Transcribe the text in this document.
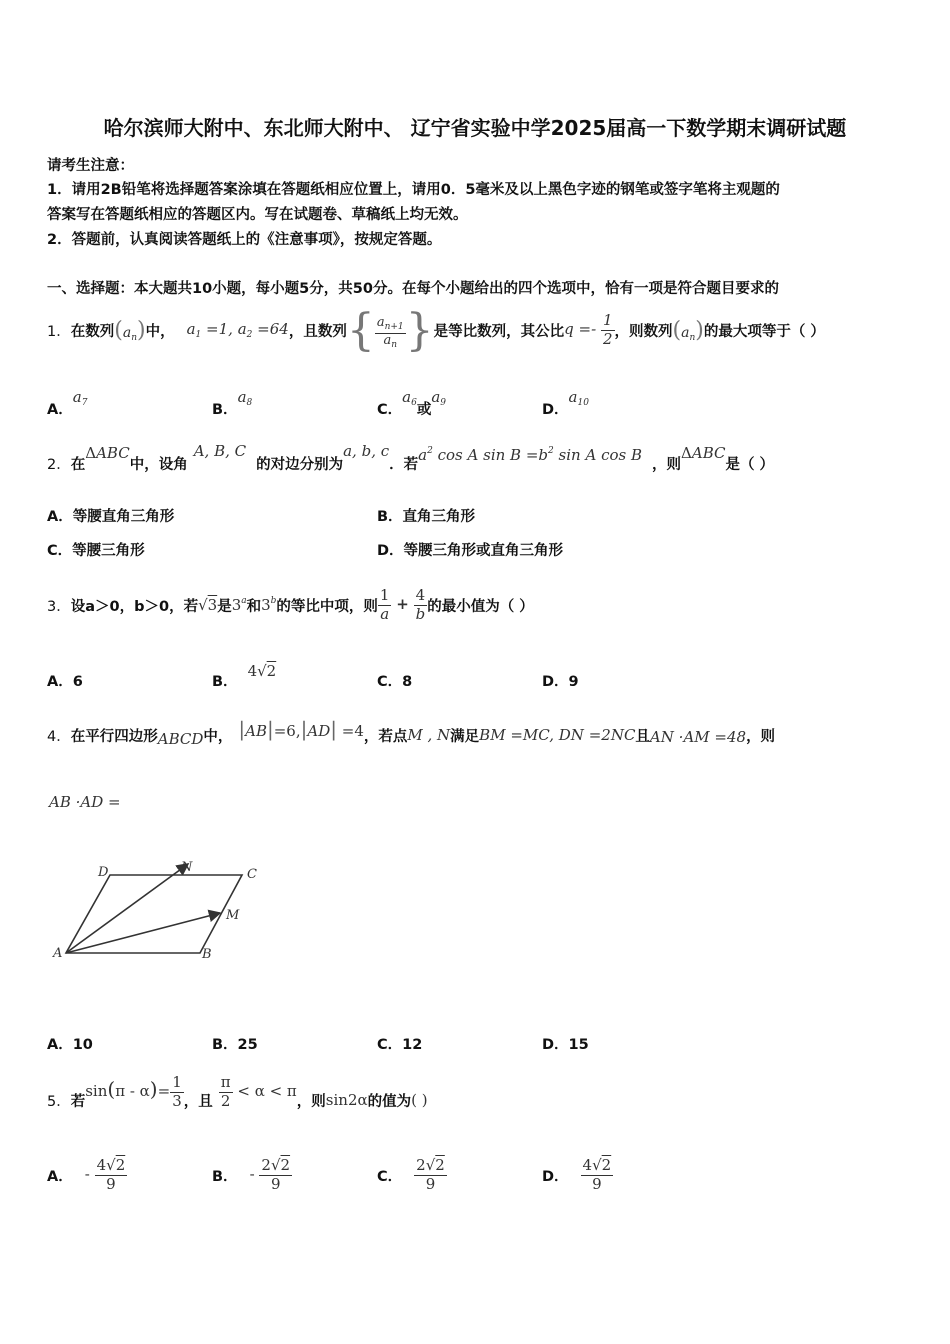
哈尔滨师大附中、东北师大附中、 辽宁省实验中学2025届高一下数学期末调研试题
请考生注意：
1．请用2B铅笔将选择题答案涂填在答题纸相应位置上，请用0．5毫米及以上黑色字迹的钢笔或签字笔将主观题的
答案写在答题纸相应的答题区内。写在试题卷、草稿纸上均无效。
2．答题前，认真阅读答题纸上的《注意事项》，按规定答题。
一、选择题：本大题共10小题，每小题5分，共50分。在每个小题给出的四个选项中，恰有一项是符合题目要求的
1． 在数列 $(a_n)$ 中， $a_1 =1$, $a_2 =64$ ，且数列 { $\frac{a_{n+1}}{a_n}$ } 是等比数列，其公比 $q =- \frac{1}{2}$ ，则数列 $(a_n)$ 的最大项等于（ ）
A．$a_7$	B．$a_8$	C．$a_6$或$a_9$	D．$a_{10}$
2． 在
ΔABC
中，设角
A, B, C
的对边分别为
a, b, c
．若
$a^2$ cos A $\sin B =b^2$ sin A cos B
，则
ΔABC
是（ ）
A．等腰直角三角形	B．直角三角形
C．等腰三角形	D．等腰三角形或直角三角形
3． 设a＞0，b＞0，若 √3 是 3$^a$ 和 3$^b$ 的等比中项，则 $\frac{1}{a} + \frac{4}{b}$ 的最小值为（ ）
A．6	B．4√2
C．8	D．9
4． 在平行四边形 ABCD 中， |AB|=6,|AD| =4 ，若点 M , N 满足 BM =MC, DN =2NC 且 AN ·AM =48 ，则
AB ·AD =
A	B
C
D
M
N
A．10	B．25	C．12	D．15
5． 若
$\sin(\pi - \alpha)= \frac{1}{3}$ ，且 $\frac{\pi}{2} < \alpha < \pi$
，则 sin2α 的值为 ( )
A． - $\frac{4√2}{9}$	B． - $\frac{2√2}{9}$	C． $\frac{2√2}{9}$	D． $\frac{4√2}{9}$
